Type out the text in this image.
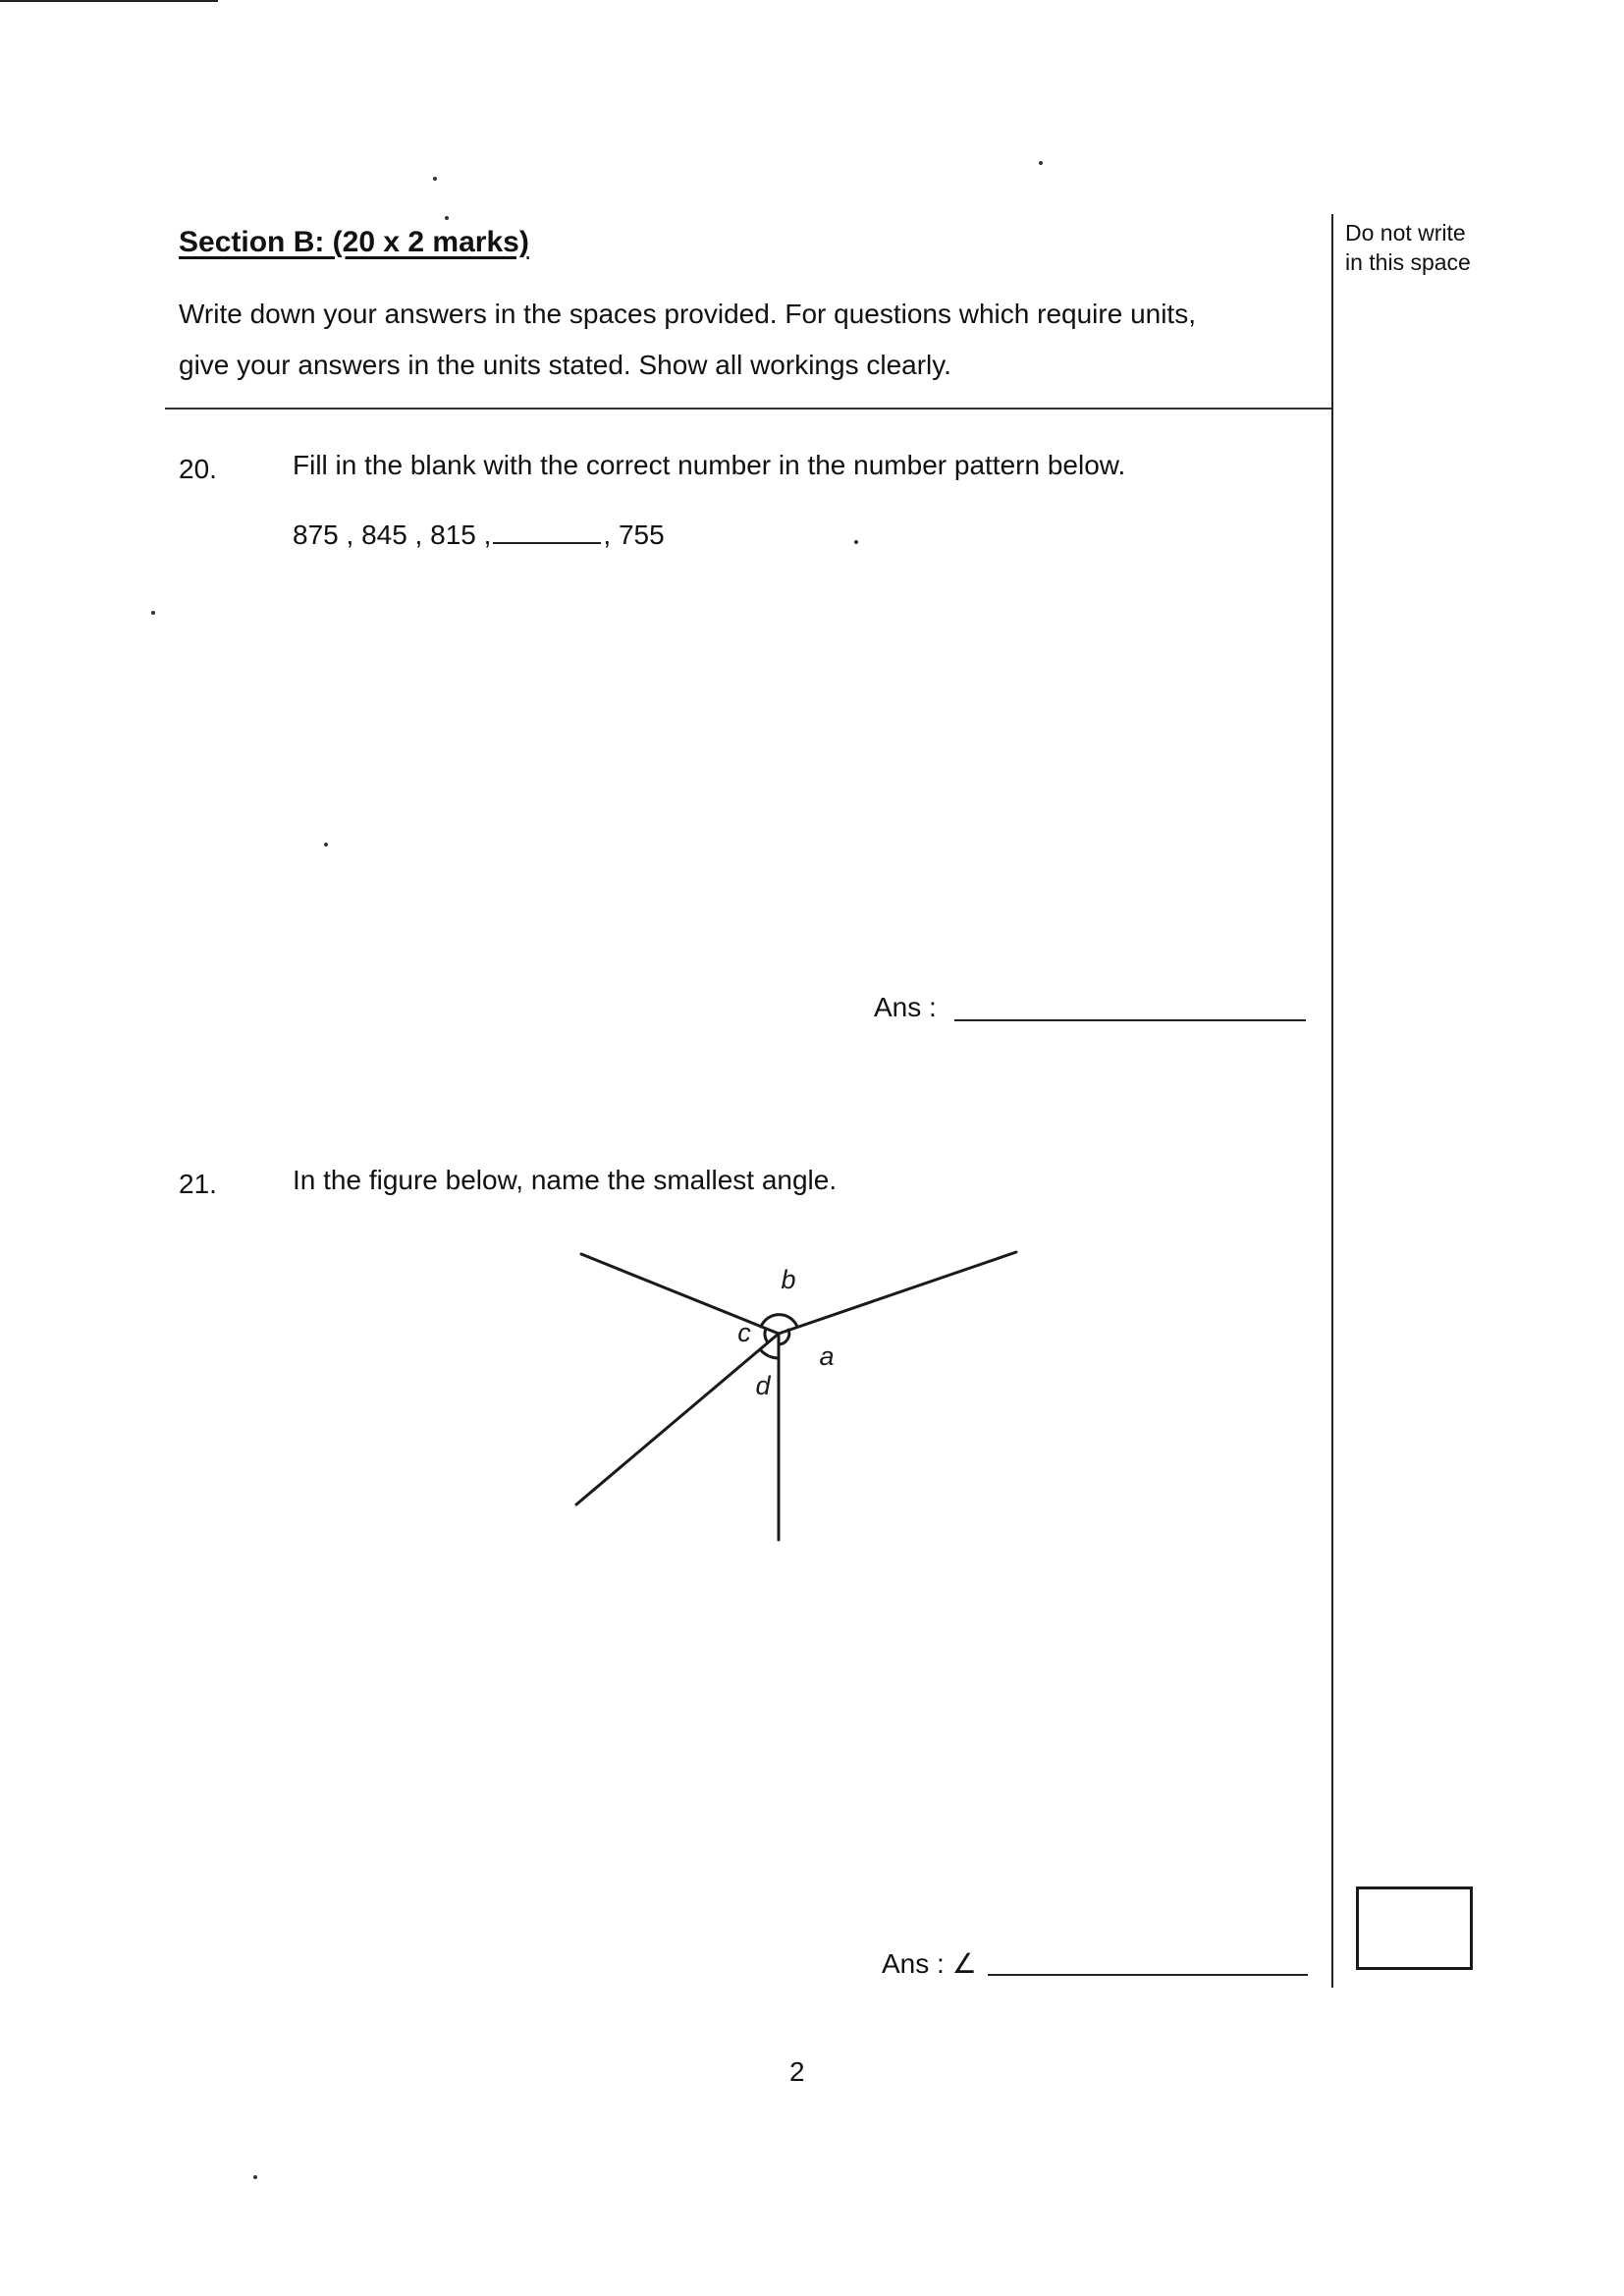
Do not write
in this space
Section B: (20 x 2 marks)
Write down your answers in the spaces provided. For questions which require units,
give your answers in the units stated. Show all workings clearly.
20.	Fill in the blank with the correct number in the number pattern below.
875 , 845 , 815 ,	, 755
Ans :
21.	In the figure below, name the smallest angle.
b
a
c
d
Ans : ∠
2
